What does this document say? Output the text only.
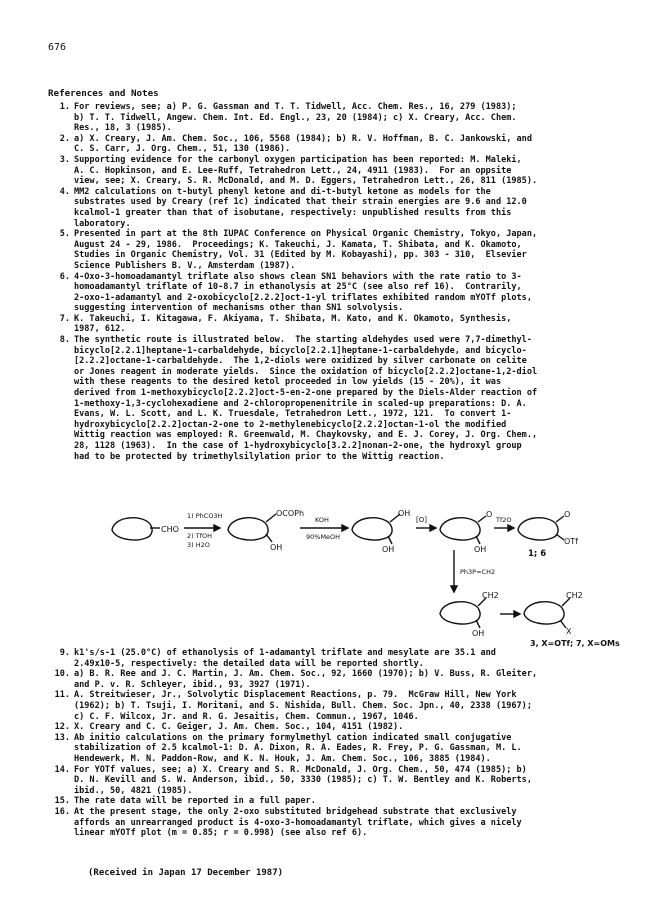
676
References and Notes
1. For reviews, see; a) P. G. Gassman and T. T. Tidwell, Acc. Chem. Res., 16, 279 (1983);
b) T. T. Tidwell, Angew. Chem. Int. Ed. Engl., 23, 20 (1984); c) X. Creary, Acc. Chem.
Res., 18, 3 (1985).
2. a) X. Creary, J. Am. Chem. Soc., 106, 5568 (1984); b) R. V. Hoffman, B. C. Jankowski, and
C. S. Carr, J. Org. Chem., 51, 130 (1986).
3. Supporting evidence for the carbonyl oxygen participation has been reported: M. Maleki,
A. C. Hopkinson, and E. Lee-Ruff, Tetrahedron Lett., 24, 4911 (1983).  For an oppsite
view, see; X. Creary, S. R. McDonald, and M. D. Eggers, Tetrahedron Lett., 26, 811 (1985).
4. MM2 calculations on t-butyl phenyl ketone and di-t-butyl ketone as models for the
substrates used by Creary (ref 1c) indicated that their strain energies are 9.6 and 12.0
kcalmol-1 greater than that of isobutane, respectively: unpublished results from this
laboratory.
5. Presented in part at the 8th IUPAC Conference on Physical Organic Chemistry, Tokyo, Japan,
August 24 - 29, 1986.  Proceedings; K. Takeuchi, J. Kamata, T. Shibata, and K. Okamoto,
Studies in Organic Chemistry, Vol. 31 (Edited by M. Kobayashi), pp. 303 - 310,  Elsevier
Science Publishers B. V., Amsterdam (1987).
6. 4-Oxo-3-homoadamantyl triflate also shows clean SN1 behaviors with the rate ratio to 3-
homoadamantyl triflate of 10-8.7 in ethanolysis at 25°C (see also ref 16).  Contrarily,
2-oxo-1-adamantyl and 2-oxobicyclo[2.2.2]oct-1-yl triflates exhibited random mYOTf plots,
suggesting intervention of mechanisms other than SN1 solvolysis.
7. K. Takeuchi, I. Kitagawa, F. Akiyama, T. Shibata, M. Kato, and K. Okamoto, Synthesis,
1987, 612.
8. The synthetic route is illustrated below.  The starting aldehydes used were 7,7-dimethyl-
bicyclo[2.2.1]heptane-1-carbaldehyde, bicyclo[2.2.1]heptane-1-carbaldehyde, and bicyclo-
[2.2.2]octane-1-carbaldehyde.  The 1,2-diols were oxidized by silver carbonate on celite
or Jones reagent in moderate yields.  Since the oxidation of bicyclo[2.2.2]octane-1,2-diol
with these reagents to the desired ketol proceeded in low yields (15 - 20%), it was
derived from 1-methoxybicyclo[2.2.2]oct-5-en-2-one prepared by the Diels-Alder reaction of
1-methoxy-1,3-cyclohexadiene and 2-chloropropenenitrile in scaled-up preparations: D. A.
Evans, W. L. Scott, and L. K. Truesdale, Tetrahedron Lett., 1972, 121.  To convert 1-
hydroxybicyclo[2.2.2]octan-2-one to 2-methylenebicyclo[2.2.2]octan-1-ol the modified
Wittig reaction was employed: R. Greenwald, M. Chaykovsky, and E. J. Corey, J. Org. Chem.,
28, 1128 (1963).  In the case of 1-hydroxybicyclo[3.2.2]nonan-2-one, the hydroxyl group
had to be protected by trimethylsilylation prior to the Wittig reaction.
CHO
1) PhCO3H
2) TfOH
3) H2O
OCOPh
OH
KOH
90%MeOH
OH
OH
[O]
O
OH
Tf2O
O
OTf
1; 6
Ph3P=CH2
CH2
OH
CH2
X
3, X=OTf; 7, X=OMs
9. k1's/s-1 (25.0°C) of ethanolysis of 1-adamantyl triflate and mesylate are 35.1 and
2.49x10-5, respectively: the detailed data will be reported shortly.
10. a) B. R. Ree and J. C. Martin, J. Am. Chem. Soc., 92, 1660 (1970); b) V. Buss, R. Gleiter,
and P. v. R. Schleyer, ibid., 93, 3927 (1971).
11. A. Streitwieser, Jr., Solvolytic Displacement Reactions, p. 79.  McGraw Hill, New York
(1962); b) T. Tsuji, I. Moritani, and S. Nishida, Bull. Chem. Soc. Jpn., 40, 2338 (1967);
c) C. F. Wilcox, Jr. and R. G. Jesaitis, Chem. Commun., 1967, 1046.
12. X. Creary and C. C. Geiger, J. Am. Chem. Soc., 104, 4151 (1982).
13. Ab initio calculations on the primary formylmethyl cation indicated small conjugative
stabilization of 2.5 kcalmol-1: D. A. Dixon, R. A. Eades, R. Frey, P. G. Gassman, M. L.
Hendewerk, M. N. Paddon-Row, and K. N. Houk, J. Am. Chem. Soc., 106, 3885 (1984).
14. For YOTf values, see; a) X. Creary and S. R. McDonald, J. Org. Chem., 50, 474 (1985); b)
D. N. Kevill and S. W. Anderson, ibid., 50, 3330 (1985); c) T. W. Bentley and K. Roberts,
ibid., 50, 4821 (1985).
15. The rate data will be reported in a full paper.
16. At the present stage, the only 2-oxo substituted bridgehead substrate that exclusively
affords an unrearranged product is 4-oxo-3-homoadamantyl triflate, which gives a nicely
linear mYOTf plot (m = 0.85; r = 0.998) (see also ref 6).
(Received in Japan 17 December 1987)
